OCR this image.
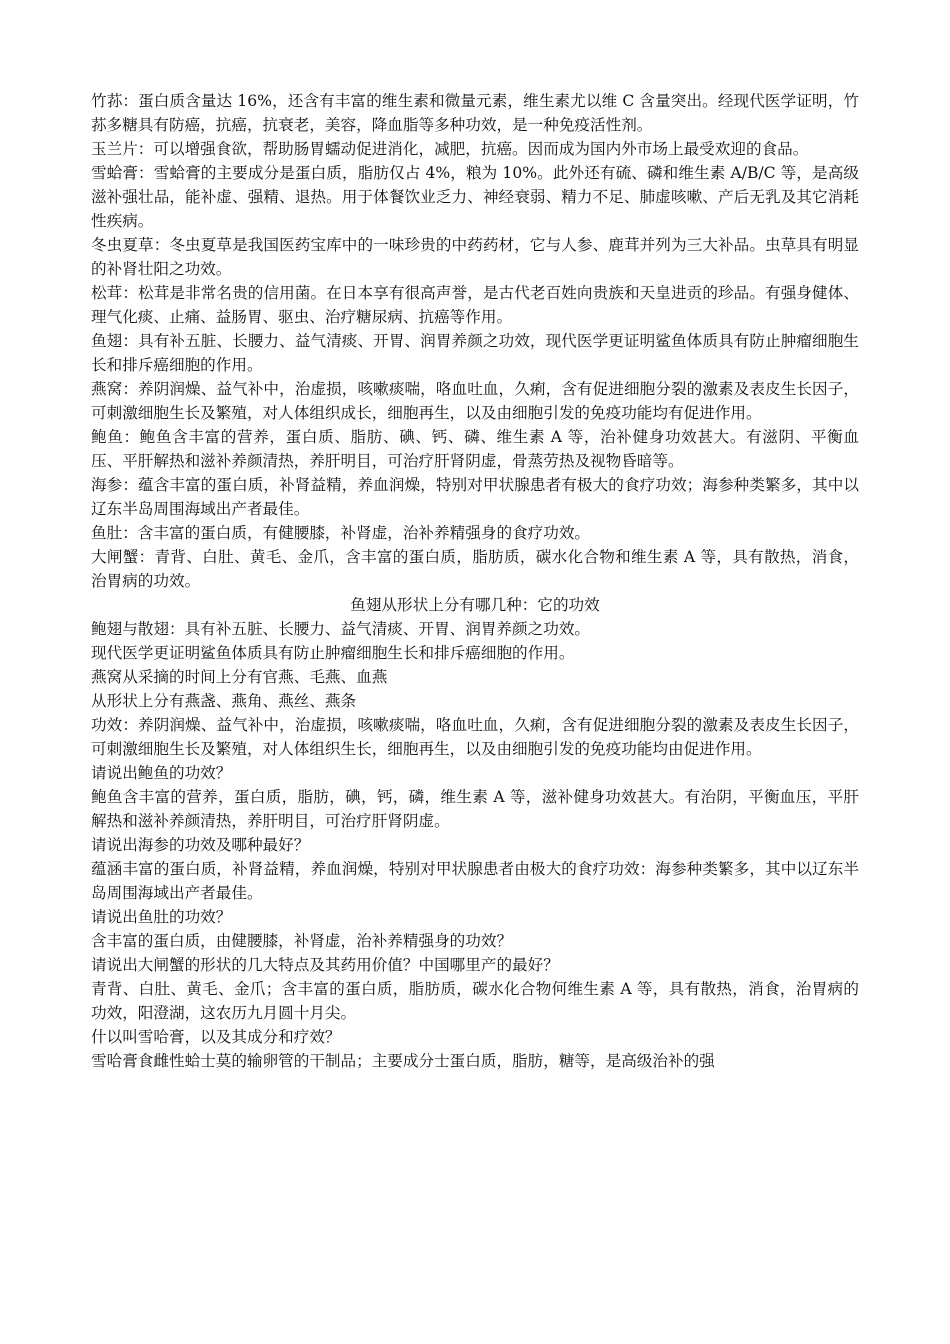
竹荪：蛋白质含量达 16%，还含有丰富的维生素和微量元素，维生素尤以维 C 含量突出。经现代医学证明，竹荪多糖具有防癌，抗癌，抗衰老，美容，降血脂等多种功效，是一种免疫活性剂。

玉兰片：可以增强食欲，帮助肠胃蠕动促进消化，减肥，抗癌。因而成为国内外市场上最受欢迎的食品。

雪蛤膏：雪蛤膏的主要成分是蛋白质，脂肪仅占 4%，粮为 10%。此外还有硫、磷和维生素 A/B/C 等，是高级滋补强壮品，能补虚、强精、退热。用于体餐饮业乏力、神经衰弱、精力不足、肺虚咳嗽、产后无乳及其它消耗性疾病。

冬虫夏草：冬虫夏草是我国医药宝库中的一味珍贵的中药药材，它与人参、鹿茸并列为三大补品。虫草具有明显的补肾壮阳之功效。

松茸：松茸是非常名贵的信用菌。在日本享有很高声誉，是古代老百姓向贵族和天皇进贡的珍品。有强身健体、理气化痰、止痛、益肠胃、驱虫、治疗糖尿病、抗癌等作用。

鱼翅：具有补五脏、长腰力、益气清痰、开胃、润胃养颜之功效，现代医学更证明鲨鱼体质具有防止肿瘤细胞生长和排斥癌细胞的作用。

燕窝：养阴润燥、益气补中，治虚损，咳嗽痰喘，咯血吐血，久痢，含有促进细胞分裂的激素及表皮生长因子，可刺激细胞生长及繁殖，对人体组织成长，细胞再生，以及由细胞引发的免疫功能均有促进作用。

鲍鱼：鲍鱼含丰富的营养，蛋白质、脂肪、碘、钙、磷、维生素 A 等，治补健身功效甚大。有滋阴、平衡血压、平肝解热和滋补养颜清热，养肝明目，可治疗肝肾阴虚，骨蒸劳热及视物昏暗等。

海参：蕴含丰富的蛋白质，补肾益精，养血润燥，特别对甲状腺患者有极大的食疗功效；海参种类繁多，其中以辽东半岛周围海域出产者最佳。

鱼肚：含丰富的蛋白质，有健腰膝，补肾虚，治补养精强身的食疗功效。

大闸蟹：青背、白肚、黄毛、金爪，含丰富的蛋白质，脂肪质，碳水化合物和维生素 A 等，具有散热，消食，治胃病的功效。

鱼翅从形状上分有哪几种：它的功效

鲍翅与散翅：具有补五脏、长腰力、益气清痰、开胃、润胃养颜之功效。

现代医学更证明鲨鱼体质具有防止肿瘤细胞生长和排斥癌细胞的作用。

燕窝从采摘的时间上分有官燕、毛燕、血燕

从形状上分有燕盏、燕角、燕丝、燕条

功效：养阴润燥、益气补中，治虚损，咳嗽痰喘，咯血吐血，久痢，含有促进细胞分裂的激素及表皮生长因子，可刺激细胞生长及繁殖，对人体组织生长，细胞再生，以及由细胞引发的免疫功能均由促进作用。

请说出鲍鱼的功效？

鲍鱼含丰富的营养，蛋白质，脂肪，碘，钙，磷，维生素 A 等，滋补健身功效甚大。有治阴，平衡血压，平肝解热和滋补养颜清热，养肝明目，可治疗肝肾阴虚。

请说出海参的功效及哪种最好？

蕴涵丰富的蛋白质，补肾益精，养血润燥，特别对甲状腺患者由极大的食疗功效：海参种类繁多，其中以辽东半岛周围海域出产者最佳。

请说出鱼肚的功效？

含丰富的蛋白质，由健腰膝，补肾虚，治补养精强身的功效？

请说出大闸蟹的形状的几大特点及其药用价值？中国哪里产的最好？

青背、白肚、黄毛、金爪；含丰富的蛋白质，脂肪质，碳水化合物何维生素 A 等，具有散热，消食，治胃病的功效，阳澄湖，这农历九月圆十月尖。

什以叫雪哈膏，以及其成分和疗效？

雪哈膏食雌性蛤士莫的输卵管的干制品；主要成分士蛋白质，脂肪，糖等，是高级治补的强
